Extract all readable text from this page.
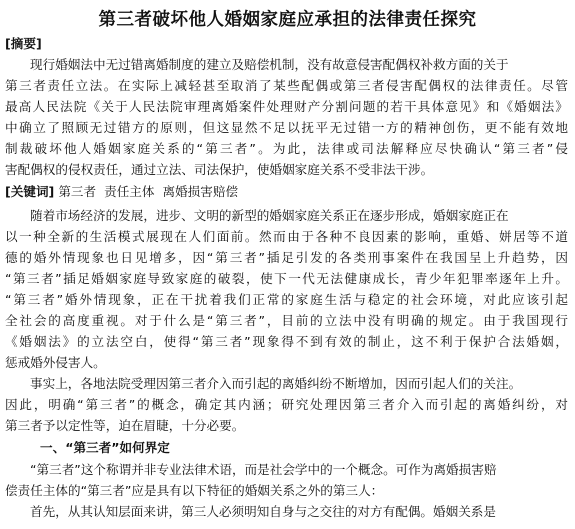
第三者破坏他人婚姻家庭应承担的法律责任探究
[摘要]
现行婚姻法中无过错离婚制度的建立及赔偿机制，没有故意侵害配偶权补救方面的关于
第三者责任立法。在实际上减轻甚至取消了某些配偶或第三者侵害配偶权的法律责任。尽管
最高人民法院《关于人民法院审理离婚案件处理财产分割问题的若干具体意见》和《婚姻法》
中确立了照顾无过错方的原则，但这显然不足以抚平无过错一方的精神创伤，更不能有效地
制裁破坏他人婚姻家庭关系的“第三者”。为此，法律或司法解释应尽快确认“第三者”侵
害配偶权的侵权责任，通过立法、司法保护，使婚姻家庭关系不受非法干涉。
[关键词] 第三者  责任主体  离婚损害赔偿
随着市场经济的发展，进步、文明的新型的婚姻家庭关系正在逐步形成，婚姻家庭正在
以一种全新的生活模式展现在人们面前。然而由于各种不良因素的影响，重婚、姘居等不道
德的婚外情现象也日见增多，因“第三者”插足引发的各类刑事案件在我国呈上升趋势，因
“第三者”插足婚姻家庭导致家庭的破裂，使下一代无法健康成长，青少年犯罪率逐年上升。
“第三者”婚外情现象，正在干扰着我们正常的家庭生活与稳定的社会环境，对此应该引起
全社会的高度重视。对于什么是“第三者”，目前的立法中没有明确的规定。由于我国现行
《婚姻法》的立法空白，使得“第三者”现象得不到有效的制止，这不利于保护合法婚姻，
惩戒婚外侵害人。
事实上，各地法院受理因第三者介入而引起的离婚纠纷不断增加，因而引起人们的关注。
因此，明确“第三者”的概念，确定其内涵；研究处理因第三者介入而引起的离婚纠纷，对
第三者予以定性等，迫在眉睫，十分必要。
一、“第三者”如何界定
“第三者”这个称谓并非专业法律术语，而是社会学中的一个概念。可作为离婚损害赔
偿责任主体的“第三者”应是具有以下特征的婚姻关系之外的第三人：
首先，从其认知层面来讲，第三人必须明知自身与之交往的对方有配偶。婚姻关系是
